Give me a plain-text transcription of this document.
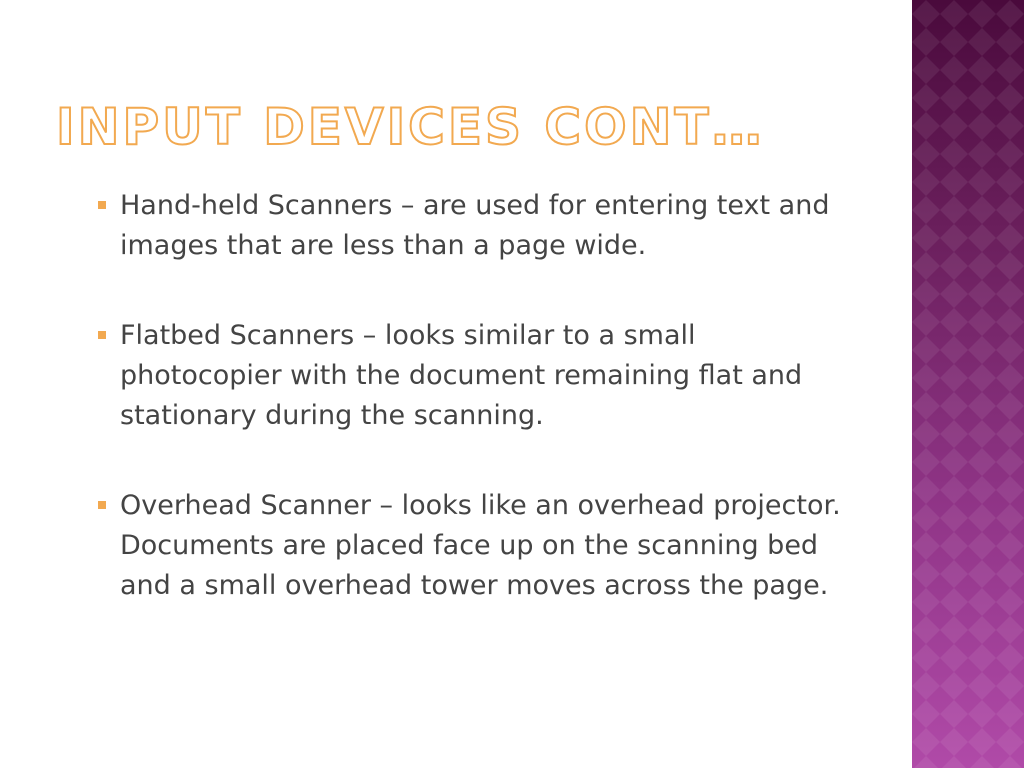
INPUT DEVICES CONT…
Hand-held Scanners – are used for entering text and images that are less than a page wide.
Flatbed Scanners – looks similar to a small photocopier with the document remaining flat and stationary during the scanning.
Overhead Scanner – looks like an overhead projector. Documents are placed face up on the scanning bed and a small overhead tower moves across the page.
